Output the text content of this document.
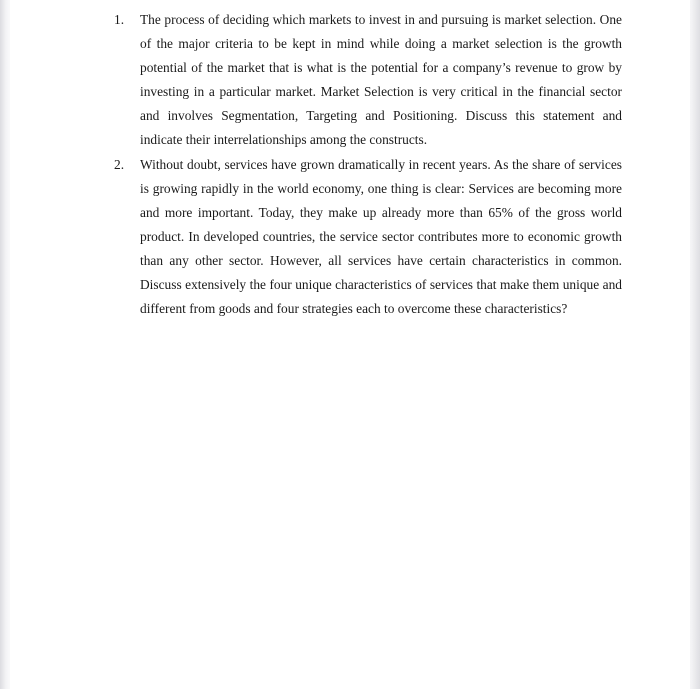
1. The process of deciding which markets to invest in and pursuing is market selection. One of the major criteria to be kept in mind while doing a market selection is the growth potential of the market that is what is the potential for a company’s revenue to grow by investing in a particular market. Market Selection is very critical in the financial sector and involves Segmentation, Targeting and Positioning. Discuss this statement and indicate their interrelationships among the constructs.
2. Without doubt, services have grown dramatically in recent years. As the share of services is growing rapidly in the world economy, one thing is clear: Services are becoming more and more important. Today, they make up already more than 65% of the gross world product. In developed countries, the service sector contributes more to economic growth than any other sector. However, all services have certain characteristics in common. Discuss extensively the four unique characteristics of services that make them unique and different from goods and four strategies each to overcome these characteristics?
